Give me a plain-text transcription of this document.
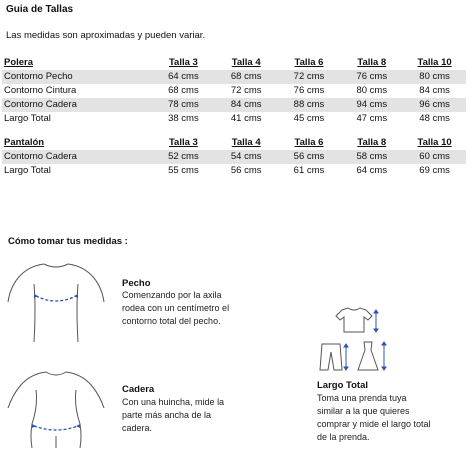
Guia de Tallas
Las medidas son aproximadas y pueden variar.
Polera	Talla 3	Talla 4	Talla 6	Talla 8	Talla 10
Contorno Pecho	64 cms	68 cms	72 cms	76 cms	80 cms
Contorno Cintura	68 cms	72 cms	76 cms	80 cms	84 cms
Contorno Cadera	78 cms	84 cms	88 cms	94 cms	96 cms
Largo Total	38 cms	41 cms	45 cms	47 cms	48 cms
Pantalón	Talla 3	Talla 4	Talla 6	Talla 8	Talla 10
Contorno Cadera	52 cms	54 cms	56 cms	58 cms	60 cms
Largo Total	55 cms	56 cms	61 cms	64 cms	69 cms
Cómo tomar tus medidas :
Pecho
Comenzando por la axila
rodea con un centímetro el
contorno total del pecho.
Cadera
Con una huincha, mide la
parte más ancha de la
cadera.
Largo Total
Toma una prenda tuya
similar a la que quieres
comprar y mide el largo total
de la prenda.
